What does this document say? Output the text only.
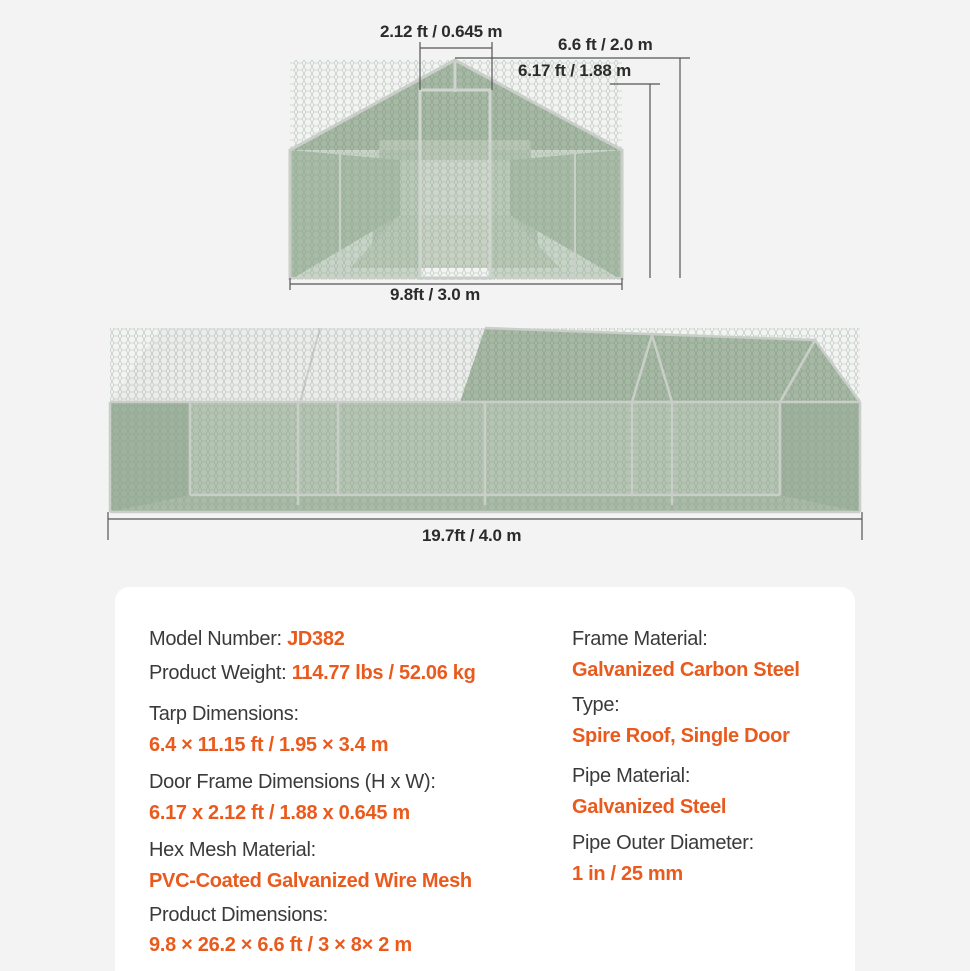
2.12 ft / 0.645 m
6.6 ft / 2.0 m
6.17 ft / 1.88 m
9.8ft / 3.0 m
19.7ft / 4.0 m
Model Number: JD382
Product Weight: 114.77 lbs / 52.06 kg
Tarp Dimensions:
6.4 × 11.15 ft / 1.95 × 3.4 m
Door Frame Dimensions (H x W):
6.17 x 2.12 ft / 1.88 x 0.645 m
Hex Mesh Material:
PVC-Coated Galvanized Wire Mesh
Product Dimensions:
9.8 × 26.2 × 6.6 ft / 3 × 8× 2 m
Frame Material:
Galvanized Carbon Steel
Type:
Spire Roof, Single Door
Pipe Material:
Galvanized Steel
Pipe Outer Diameter:
1 in / 25 mm
